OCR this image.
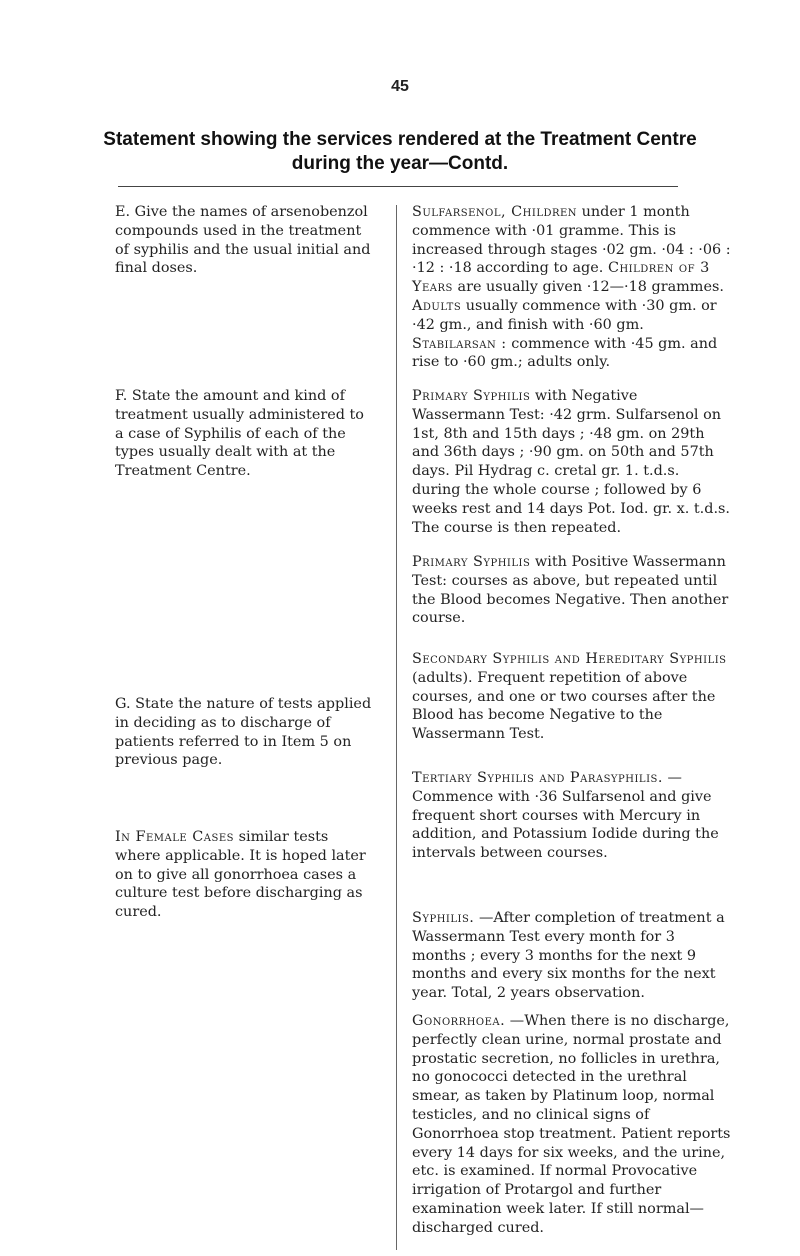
45
Statement showing the services rendered at the Treatment Centre
during the year—Contd.

E. Give the names of arsenobenzol compounds used in the treatment of syphilis and the usual initial and final doses.

F. State the amount and kind of treatment usually administered to a case of Syphilis of each of the types usually dealt with at the Treatment Centre.

G. State the nature of tests applied in deciding as to discharge of patients referred to in Item 5 on previous page.

In Female Cases similar tests where applicable. It is hoped later on to give all gonorrhoea cases a culture test before discharging as cured.

Sulfarsenol, Children under 1 month commence with ·01 gramme. This is increased through stages ·02 gm. ·04 : ·06 : ·12 : ·18 according to age. Children of 3 Years are usually given ·12—·18 grammes. Adults usually commence with ·30 gm. or ·42 gm., and finish with ·60 gm. Stabilarsan : commence with ·45 gm. and rise to ·60 gm.; adults only.

Primary Syphilis with Negative Wassermann Test: ·42 grm. Sulfarsenol on 1st, 8th and 15th days ; ·48 gm. on 29th and 36th days ; ·90 gm. on 50th and 57th days. Pil Hydrag c. cretal gr. 1. t.d.s. during the whole course ; followed by 6 weeks rest and 14 days Pot. Iod. gr. x. t.d.s. The course is then repeated.

Primary Syphilis with Positive Wassermann Test: courses as above, but repeated until the Blood becomes Negative. Then another course.

Secondary Syphilis and Hereditary Syphilis (adults). Frequent repetition of above courses, and one or two courses after the Blood has become Negative to the Wassermann Test.

Tertiary Syphilis and Parasyphilis. — Commence with ·36 Sulfarsenol and give frequent short courses with Mercury in addition, and Potassium Iodide during the intervals between courses.

Syphilis. —After completion of treatment a Wassermann Test every month for 3 months ; every 3 months for the next 9 months and every six months for the next year. Total, 2 years observation.

Gonorrhoea. —When there is no discharge, perfectly clean urine, normal prostate and prostatic secretion, no follicles in urethra, no gonococci detected in the urethral smear, as taken by Platinum loop, normal testicles, and no clinical signs of Gonorrhoea stop treatment. Patient reports every 14 days for six weeks, and the urine, etc. is examined. If normal Provocative irrigation of Protargol and further examination week later. If still normal—discharged cured.
